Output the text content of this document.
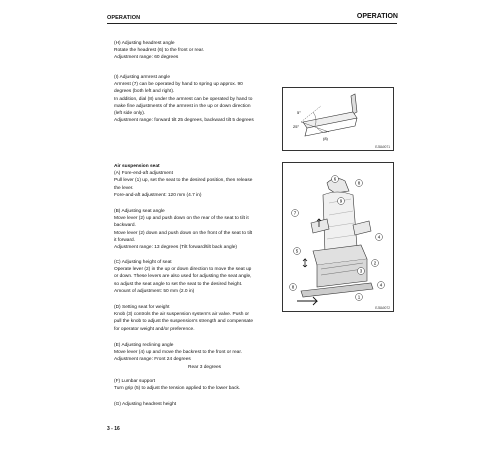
OPERATION	OPERATION
(H) Adjusting headrest angle
Rotate the headrest (6) to the front or rear.
Adjustment range: 60 degrees
(I) Adjusting armrest angle
Armrest (7) can be operated by hand to spring up approx. 90
degrees (both left and right).
In addition, dial (8) under the armrest can be operated by hand to
make fine adjustments of the armrest in the up or down direction
(left side only).
Adjustment range: forward tilt 25 degrees, backward tilt 5 degrees
5°
25°
(8)
EJ8A0071
Air suspension seat
(A) Fore-end-aft adjustment
Pull lever (1) up, set the seat to the desired position, then release
the lever.
Fore-and-aft adjustment: 120 mm (4.7 in)
(B) Adjusting seat angle
Move lever (2) up and push down on the rear of the seat to tilt it
backward.
Move lever (2) down and push down on the front of the seat to tilt
it forward.
Adjustment range: 13 degrees (Tilt forward/tilt back angle)
(C) Adjusting height of seat
Operate lever (2) in the up or down direction to move the seat up
or down. These levers are also used for adjusting the seat angle,
so adjust the seat angle to set the seat to the desired height.
Amount of adjustment: 50 mm (2.0 in)
(D) Setting seat for weight
Knob (3) controls the air suspension system's air valve. Push or
pull the knob to adjust the suspension's strength and compensate
for operator weight and/or preference.
(E) Adjusting reclining angle
Move lever (4) up and move the backrest to the front or rear.
Adjustment range: Front 24 degrees
Rear 3 degrees
(F) Lumbar support
Turn grip (5) to adjust the tension applied to the lower back.
(G) Adjusting headrest height
6
8
9
7
5
4
3
2
1
8	4
EJ8A0072
3 - 16
